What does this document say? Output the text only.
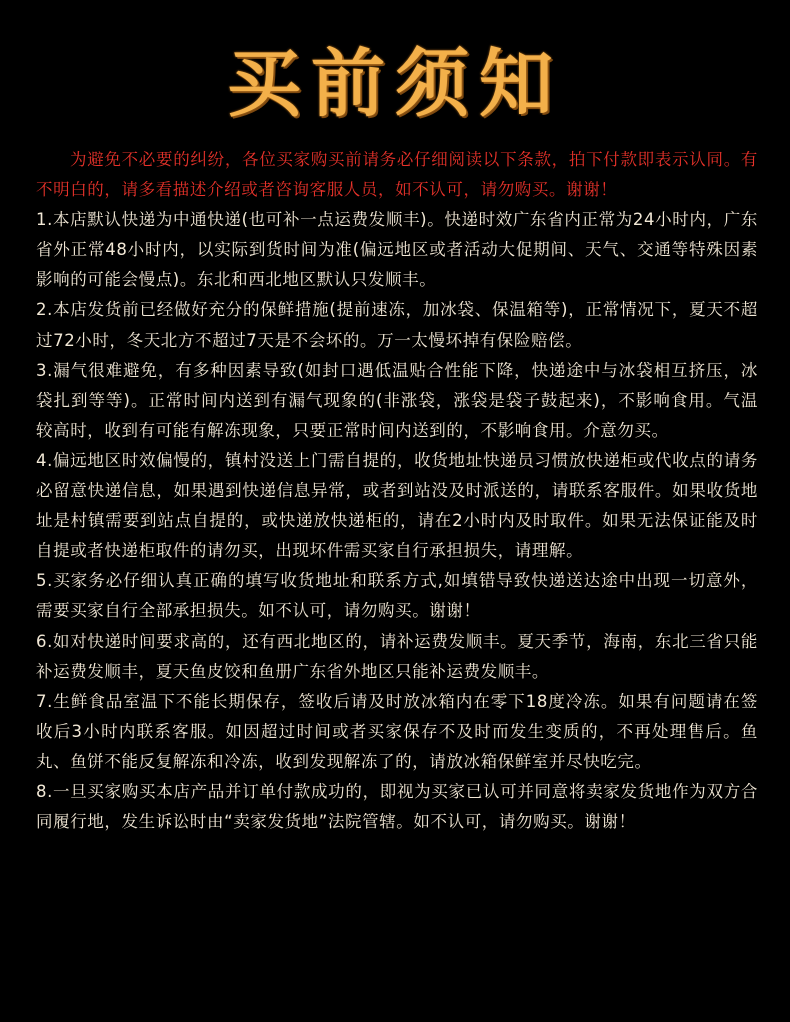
买前须知

为避免不必要的纠纷，各位买家购买前请务必仔细阅读以下条款，拍下付款即表示认同。有不明白的，请多看描述介绍或者咨询客服人员，如不认可，请勿购买。谢谢！

1.本店默认快递为中通快递(也可补一点运费发顺丰)。快递时效广东省内正常为24小时内，广东省外正常48小时内，以实际到货时间为准(偏远地区或者活动大促期间、天气、交通等特殊因素影响的可能会慢点)。东北和西北地区默认只发顺丰。

2.本店发货前已经做好充分的保鲜措施(提前速冻，加冰袋、保温箱等)，正常情况下，夏天不超过72小时，冬天北方不超过7天是不会坏的。万一太慢坏掉有保险赔偿。

3.漏气很难避免，有多种因素导致(如封口遇低温贴合性能下降，快递途中与冰袋相互挤压，冰袋扎到等等)。正常时间内送到有漏气现象的(非涨袋，涨袋是袋子鼓起来)，不影响食用。气温较高时，收到有可能有解冻现象，只要正常时间内送到的，不影响食用。介意勿买。

4.偏远地区时效偏慢的，镇村没送上门需自提的，收货地址快递员习惯放快递柜或代收点的请务必留意快递信息，如果遇到快递信息异常，或者到站没及时派送的，请联系客服件。如果收货地址是村镇需要到站点自提的，或快递放快递柜的，请在2小时内及时取件。如果无法保证能及时自提或者快递柜取件的请勿买，出现坏件需买家自行承担损失，请理解。

5.买家务必仔细认真正确的填写收货地址和联系方式,如填错导致快递送达途中出现一切意外，需要买家自行全部承担损失。如不认可，请勿购买。谢谢！

6.如对快递时间要求高的，还有西北地区的，请补运费发顺丰。夏天季节，海南，东北三省只能补运费发顺丰，夏天鱼皮饺和鱼册广东省外地区只能补运费发顺丰。

7.生鲜食品室温下不能长期保存，签收后请及时放冰箱内在零下18度冷冻。如果有问题请在签收后3小时内联系客服。如因超过时间或者买家保存不及时而发生变质的，不再处理售后。鱼丸、鱼饼不能反复解冻和冷冻，收到发现解冻了的，请放冰箱保鲜室并尽快吃完。

8.一旦买家购买本店产品并订单付款成功的，即视为买家已认可并同意将卖家发货地作为双方合同履行地，发生诉讼时由“卖家发货地”法院管辖。如不认可，请勿购买。谢谢！
